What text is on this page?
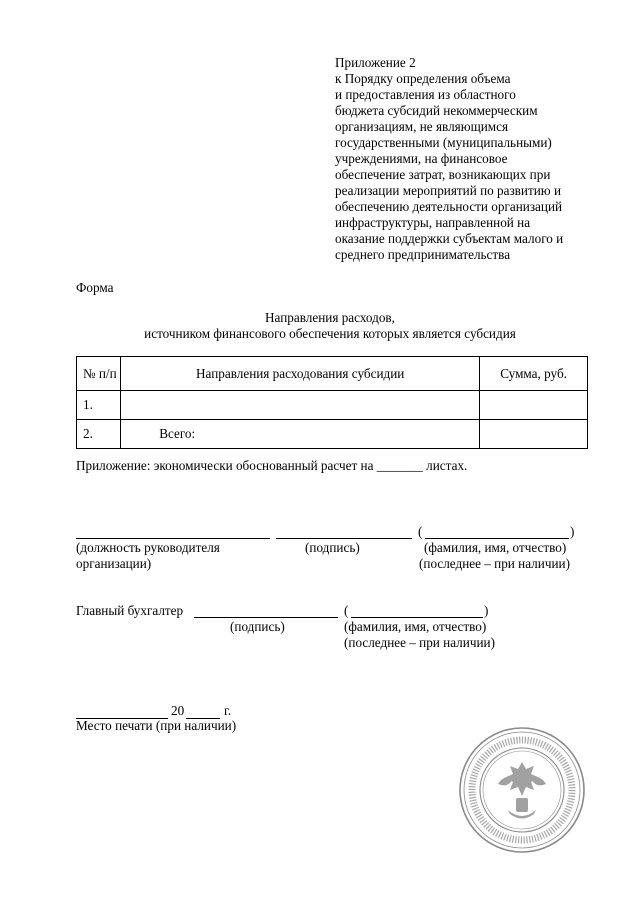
Приложение 2
к Порядку определения объема
и предоставления из областного
бюджета субсидий некоммерческим
организациям, не являющимся
государственными (муниципальными)
учреждениями, на финансовое
обеспечение затрат, возникающих при
реализации мероприятий по развитию и
обеспечению деятельности организаций
инфраструктуры, направленной на
оказание поддержки субъектам малого и
среднего предпринимательства
Форма
Направления расходов,
источником финансового обеспечения которых является субсидия
№ п/п	Направления расходования субсидии	Сумма, руб.
1.		
2.	Всего:	
Приложение: экономически обоснованный расчет на _______ листах.
(	)
(должность руководителя
организации)
(подпись)	(фамилия, имя, отчество)
(последнее – при наличии)
Главный бухгалтер	(	)
(подпись)	(фамилия, имя, отчество)
(последнее – при наличии)
20	г.
Место печати (при наличии)
